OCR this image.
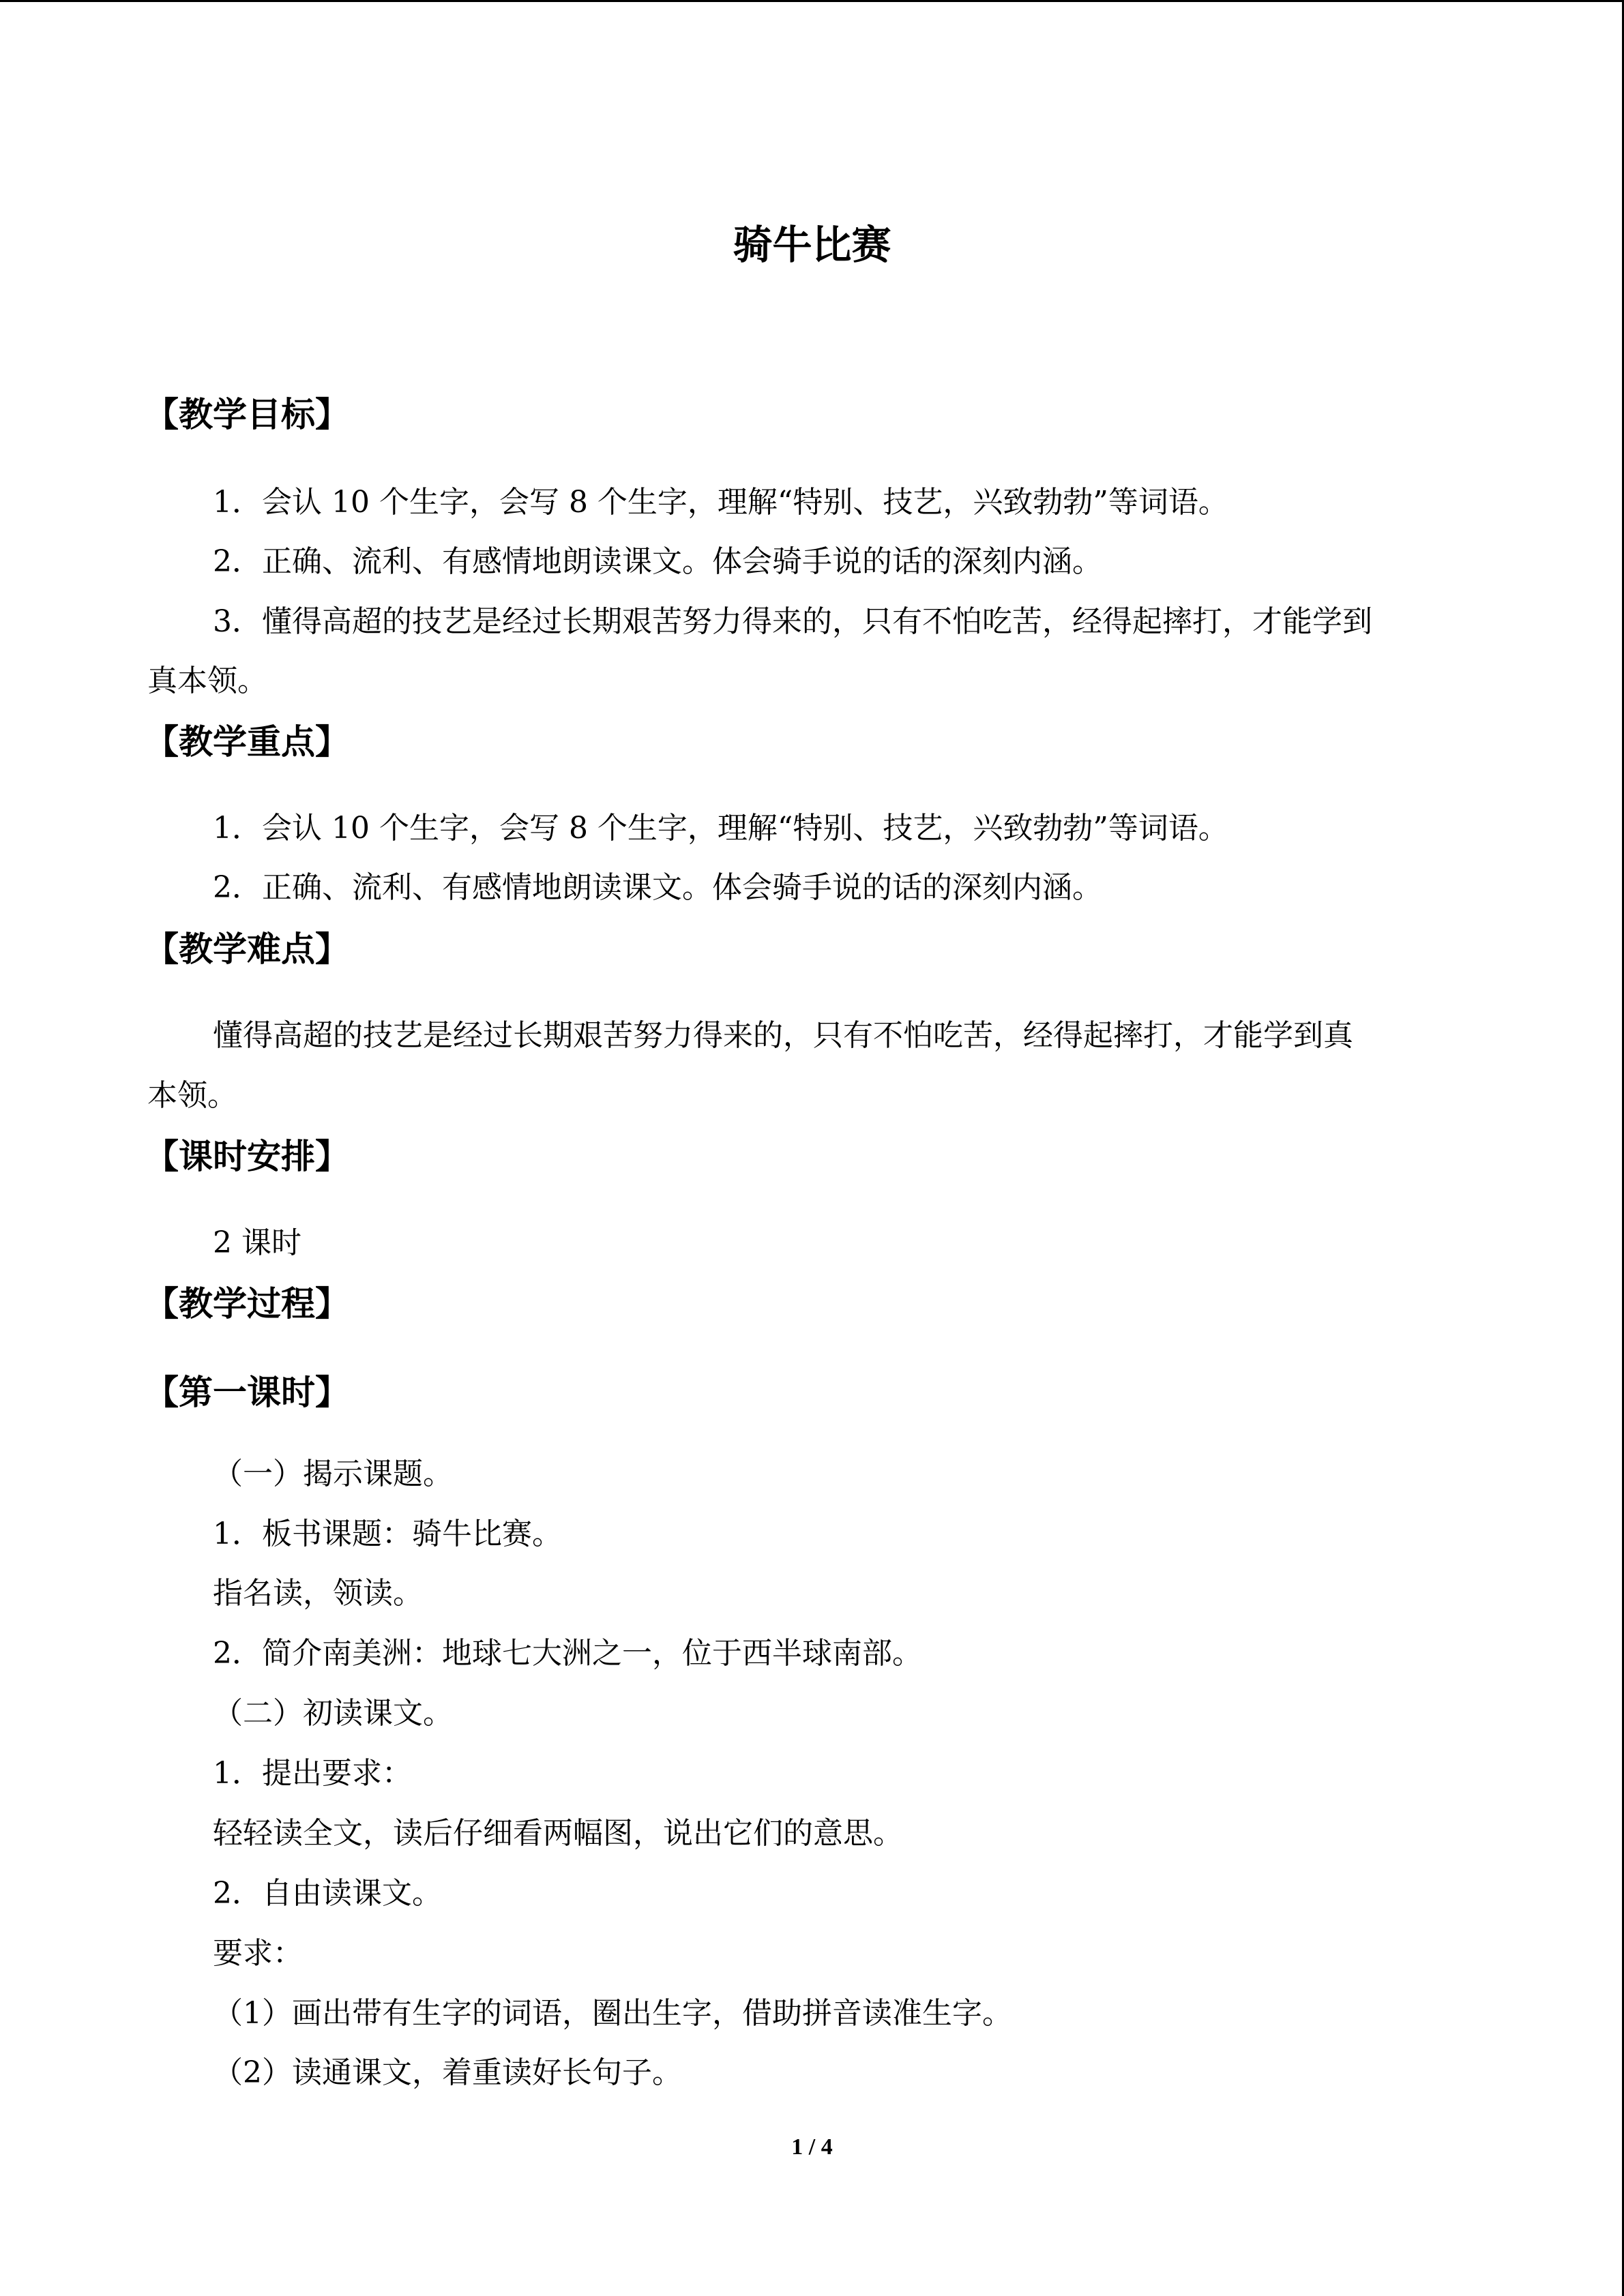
骑牛比赛
【教学目标】
1．会认 10 个生字，会写 8 个生字，理解“特别、技艺，兴致勃勃”等词语。
2．正确、流利、有感情地朗读课文。体会骑手说的话的深刻内涵。
3．懂得高超的技艺是经过长期艰苦努力得来的，只有不怕吃苦，经得起摔打，才能学到
真本领。
【教学重点】
1．会认 10 个生字，会写 8 个生字，理解“特别、技艺，兴致勃勃”等词语。
2．正确、流利、有感情地朗读课文。体会骑手说的话的深刻内涵。
【教学难点】
懂得高超的技艺是经过长期艰苦努力得来的，只有不怕吃苦，经得起摔打，才能学到真
本领。
【课时安排】
2 课时
【教学过程】
【第一课时】
（一）揭示课题。
1．板书课题：骑牛比赛。
指名读，领读。
2．简介南美洲：地球七大洲之一，位于西半球南部。
（二）初读课文。
1．提出要求：
轻轻读全文，读后仔细看两幅图，说出它们的意思。
2．自由读课文。
要求：
（1）画出带有生字的词语，圈出生字，借助拼音读准生字。
（2）读通课文，着重读好长句子。
1 / 4
